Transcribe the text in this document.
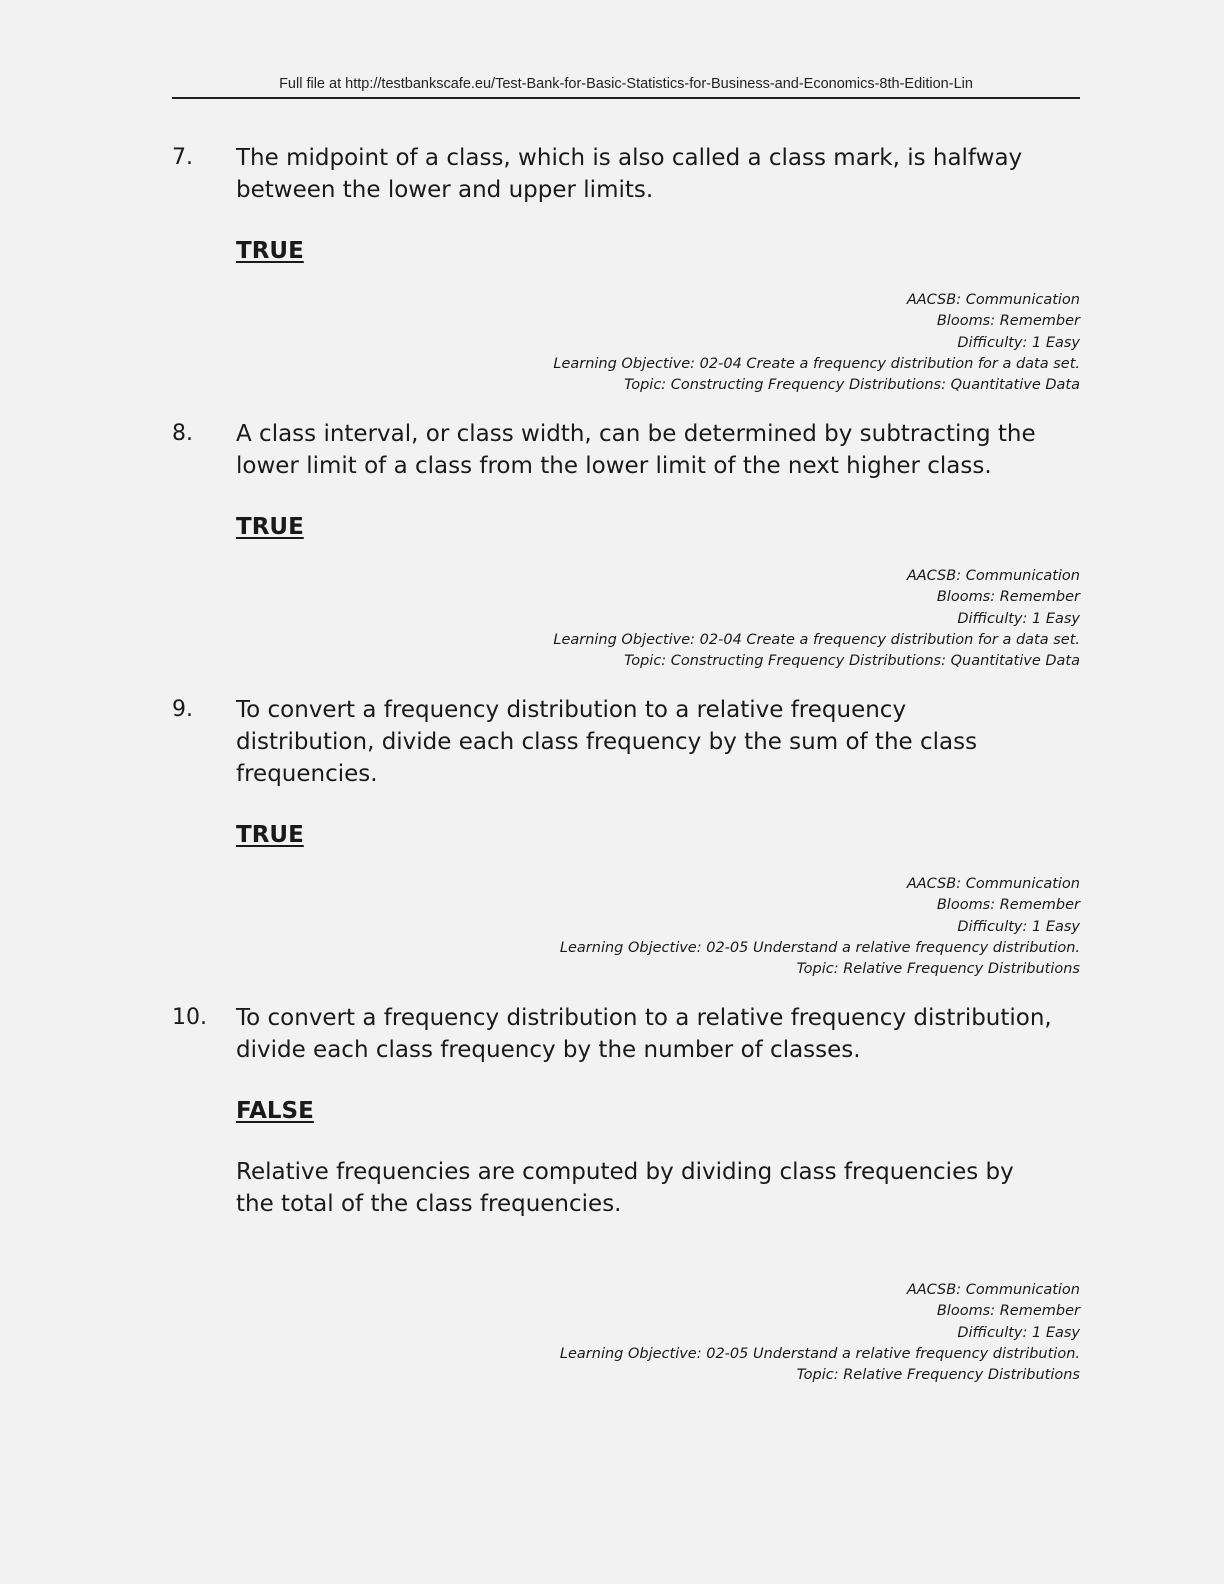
Full file at http://testbankscafe.eu/Test-Bank-for-Basic-Statistics-for-Business-and-Economics-8th-Edition-Lin
7. The midpoint of a class, which is also called a class mark, is halfway between the lower and upper limits.
TRUE
AACSB: Communication
Blooms: Remember
Difficulty: 1 Easy
Learning Objective: 02-04 Create a frequency distribution for a data set.
Topic: Constructing Frequency Distributions: Quantitative Data
8. A class interval, or class width, can be determined by subtracting the lower limit of a class from the lower limit of the next higher class.
TRUE
AACSB: Communication
Blooms: Remember
Difficulty: 1 Easy
Learning Objective: 02-04 Create a frequency distribution for a data set.
Topic: Constructing Frequency Distributions: Quantitative Data
9. To convert a frequency distribution to a relative frequency distribution, divide each class frequency by the sum of the class frequencies.
TRUE
AACSB: Communication
Blooms: Remember
Difficulty: 1 Easy
Learning Objective: 02-05 Understand a relative frequency distribution.
Topic: Relative Frequency Distributions
10. To convert a frequency distribution to a relative frequency distribution, divide each class frequency by the number of classes.
FALSE
Relative frequencies are computed by dividing class frequencies by the total of the class frequencies.
AACSB: Communication
Blooms: Remember
Difficulty: 1 Easy
Learning Objective: 02-05 Understand a relative frequency distribution.
Topic: Relative Frequency Distributions
